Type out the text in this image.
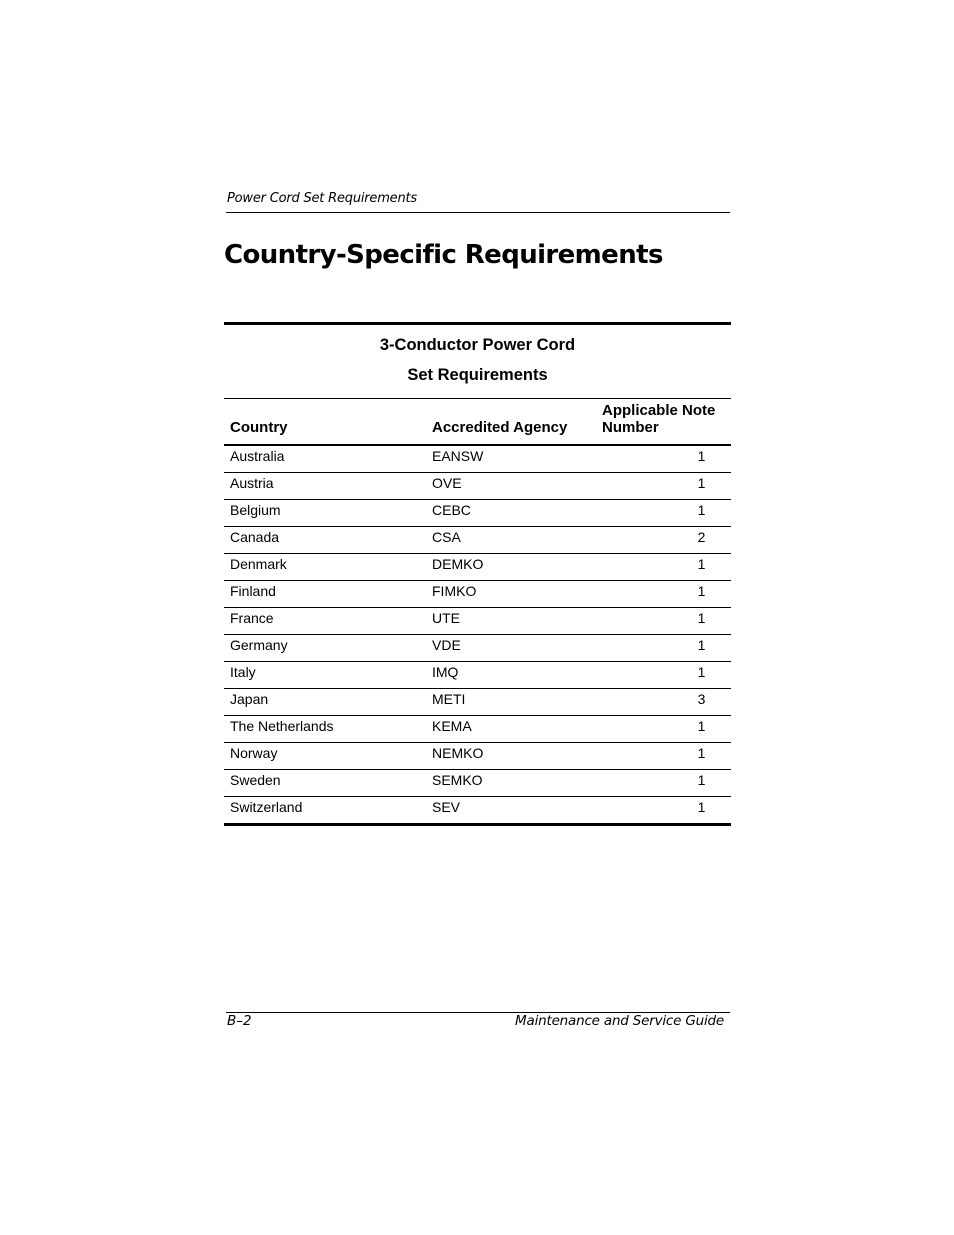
Power Cord Set Requirements
Country-Specific Requirements
3-Conductor Power Cord
Set Requirements
Country	Accredited Agency	Applicable Note Number
Australia	EANSW	1
Austria	OVE	1
Belgium	CEBC	1
Canada	CSA	2
Denmark	DEMKO	1
Finland	FIMKO	1
France	UTE	1
Germany	VDE	1
Italy	IMQ	1
Japan	METI	3
The Netherlands	KEMA	1
Norway	NEMKO	1
Sweden	SEMKO	1
Switzerland	SEV	1
B–2	Maintenance and Service Guide
